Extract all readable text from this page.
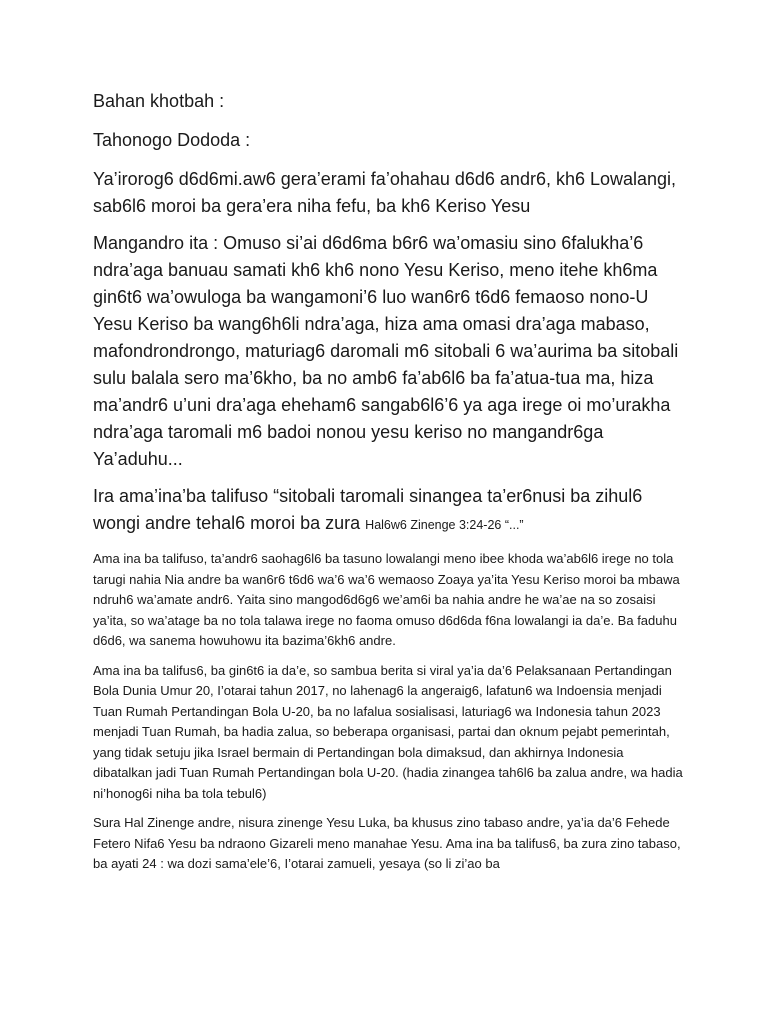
Bahan khotbah :

Tahonogo Dododa :

Ya’irorog6 d6d6mi.aw6 gera’erami fa’ohahau d6d6 andr6, kh6 Lowalangi, sab6l6 moroi ba gera’era niha fefu, ba kh6 Keriso Yesu

Mangandro ita : Omuso si’ai d6d6ma b6r6 wa’omasiu sino 6falukha’6 ndra’aga banuau samati kh6 kh6 nono Yesu Keriso, meno itehe kh6ma gin6t6 wa’owuloga ba wangamoni’6 luo wan6r6 t6d6 femaoso nono-U Yesu Keriso ba wang6h6li ndra’aga, hiza ama omasi dra’aga mabaso, mafondrondrongo, maturiag6 daromali m6 sitobali 6 wa’aurima ba sitobali sulu balala sero ma’6kho, ba no amb6 fa’ab6l6 ba fa’atua-tua ma, hiza ma’andr6 u’uni dra’aga eheham6 sangab6l6’6 ya aga irege oi mo’urakha ndra’aga taromali m6 badoi nonou yesu keriso no mangandr6ga Ya’aduhu...

Ira ama’ina’ba talifuso “sitobali taromali sinangea ta’er6nusi ba zihul6 wongi andre tehal6 moroi ba zura Hal6w6 Zinenge 3:24-26 “...”

Ama ina ba talifuso, ta’andr6 saohag6l6 ba tasuno lowalangi meno ibee khoda wa’ab6l6 irege no tola tarugi nahia Nia andre ba wan6r6 t6d6 wa’6 wa’6 wemaoso Zoaya ya’ita Yesu Keriso moroi ba mbawa ndruh6 wa’amate andr6. Yaita sino mangod6d6g6 we’am6i ba nahia andre he wa’ae na so zosaisi ya’ita, so wa’atage ba no tola talawa irege no faoma omuso d6d6da f6na lowalangi ia da’e. Ba faduhu d6d6, wa sanema howuhowu ita bazima’6kh6 andre.

Ama ina ba talifus6, ba gin6t6 ia da’e, so sambua berita si viral ya’ia da’6 Pelaksanaan Pertandingan Bola Dunia Umur 20, I’otarai tahun 2017, no lahenag6 la angeraig6, lafatun6 wa Indoensia menjadi Tuan Rumah Pertandingan Bola U-20, ba no lafalua sosialisasi, laturiag6 wa Indonesia tahun 2023 menjadi Tuan Rumah, ba hadia zalua, so beberapa organisasi, partai dan oknum pejabt pemerintah, yang tidak setuju jika Israel bermain di Pertandingan bola dimaksud, dan akhirnya Indonesia dibatalkan jadi Tuan Rumah Pertandingan bola U-20. (hadia zinangea tah6l6 ba zalua andre, wa hadia ni’honog6i niha ba tola tebul6)

Sura Hal Zinenge andre, nisura zinenge Yesu Luka, ba khusus zino tabaso andre, ya’ia da’6 Fehede Fetero Nifa6 Yesu ba ndraono Gizareli meno manahae Yesu. Ama ina ba talifus6, ba zura zino tabaso, ba ayati 24 : wa dozi sama’ele’6, I’otarai zamueli, yesaya (so li zi’ao ba
